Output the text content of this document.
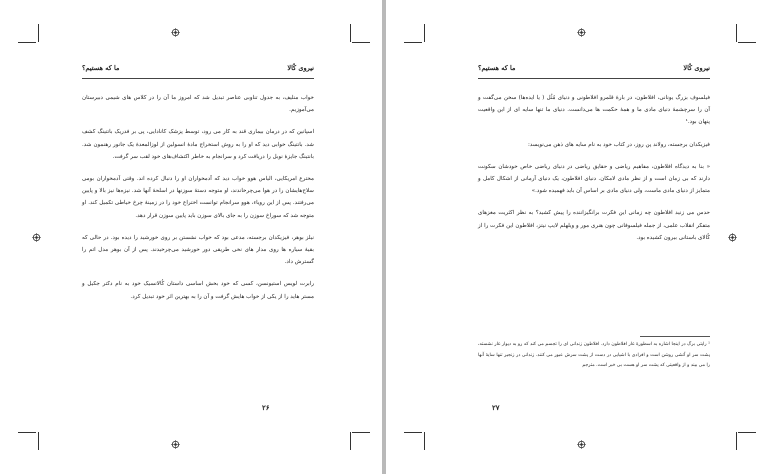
نیروی کُالا
ما که هستیم؟

خواب منلیف، به جدول تناوبی عناصر تبدیل شد که امروز ما آن را در کلاس های شیمی دبیرستان می‌آموزیم.

اسپانین که در درمان بیماری قند به کار می رود، توسط پزشک کانادایی، پی بر فدریک بانتینگ کشف شد. بانتینگ خوابی دید که او را به روش استخراج مادهٔ انسولین از لوزالمعدهٔ یک جانور رهنمون شد. بانتینگ جایزهٔ نوبل را دریافت کرد و سرانجام به خاطر اکتشاف‌های خود لقب سر گرفت.

مخترع امریکایی، الیاس هوو خواب دید که آدمخواران او را دنبال کرده اند. وقتی آدمخواران بومی سلاح‌هایشان را در هوا می‌چرخاندند، او متوجه دستهٔ سوزنها در اسلحهٔ آنها شد. نیزه‌ها نیز بالا و پایین می‌رفتند. پس از این رویاء، هوو سرانجام توانست اختراع خود را در زمینهٔ چرخ خیاطی تکمیل کند. او متوجه شد که سوراخ سوزن را به جای بالای سوزن باید پایین سوزن قرار دهد.

نیلز بوهر، فیزیکدان برجسته، مدعی بود که خواب نشستن بر روی خورشید را دیده بود. در حالی که بقیهٔ سیاره ها روی مدار های نخی طریقی دور خورشید می‌چرخیدند. پس از آن بوهر مدل اتم را گسترش داد.

رابرت لویس استیونسن، کسی که خود بخش اساسی داستان کُالانسیک خود به نام دکتر جکیل و مستر هاید را از یکی از خواب هایش گرفت و آن را به بهترین اثر خود تبدیل کرد.

۲۶
نیروی کُالا
ما که هستیم؟

فیلسوف بزرگ یونانی، افلاطون، در بارهٔ قلمرو افلاطونی و دنیای مُثُل ( یا ایده‌ها) سخن می‌گفت و آن را سرچشمهٔ دنیای مادی ما و همهٔ حکمت ها می‌دانست. دنیای ما تنها سایه ای از این واقعیت پنهان بود.¹

فیزیکدان برجسته، رولاند پن روز، در کتاب خود به نام سایه های ذهن می‌نویسد:

« بنا به دیدگاه افلاطون، مفاهیم ریاضی و حقایق ریاضی در دنیای ریاضی خاص خودشان سکونت دارند که بی زمان است و از نظر مادی لامکان. دنیای افلاطون، یک دنیای آرمانی از اشکال کامل و متمایز از دنیای مادی ماست، ولی دنیای مادی بر اساس آن باید فهمیده شود.»

حدس می زنید افلاطون چه زمانی این فکرت برانگیزاننده را پیش کشید؟ به نظر اکثریت مغزهای متفکر انقلاب علمی، از جمله فیلسوفانی چون هنری مور و ویلهلم لایپ نیتز، افلاطون این فکرت را از کُالای باستانی بیرون کشیده بود.

¹ رایتی برگ در اینجا اشاره به اسطورهٔ غار افلاطون دارد. افلاطون زندانی ای را تجسم می کند که رو به دیوار غار نشسته، پشت سر او آتشی روشن است و افرادی با اشیایی در دست از پشت سرش عبور می کنند. زندانی در زنجیر تنها سایهٔ آنها را می بیند و از واقعیتی که پشت سر او هست بی خبر است. مترجم
۲۷
